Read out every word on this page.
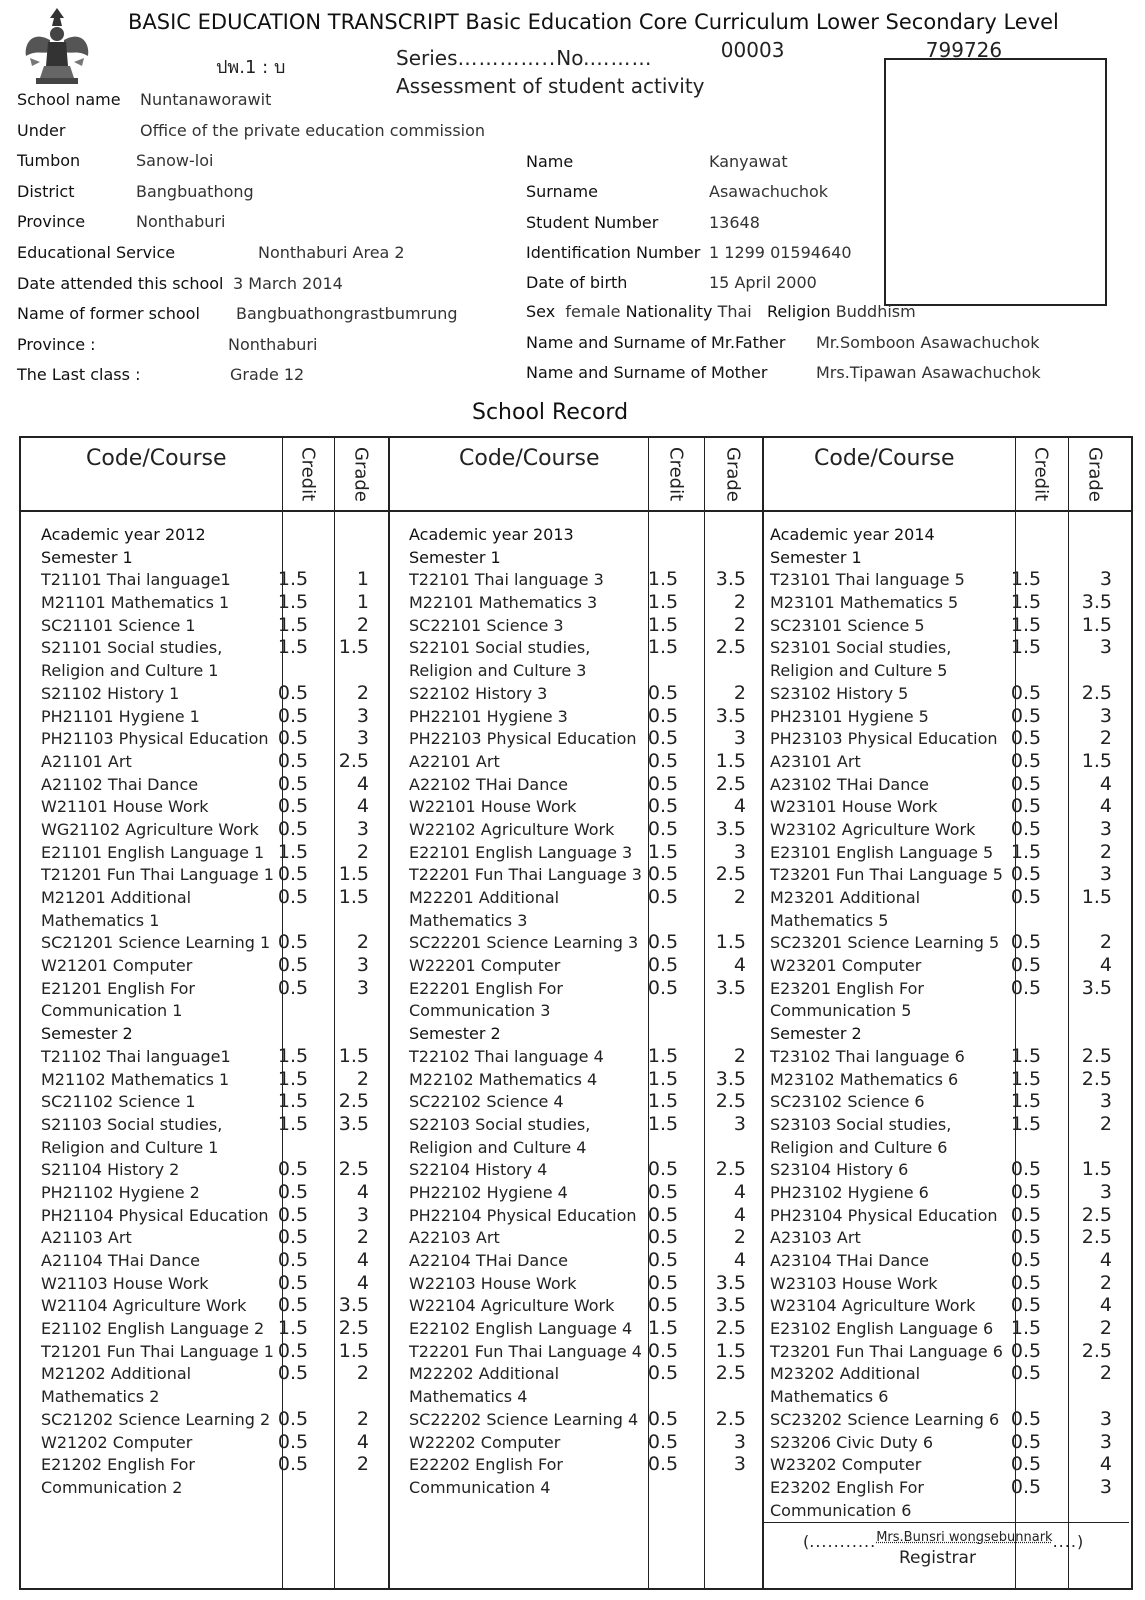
BASIC EDUCATION TRANSCRIPT Basic Education Core Curriculum Lower Secondary Level
ปพ.1 : บ	Series…………..No.………	00003	799726
Assessment of student activity
School name Nuntanaworawit
Under	Office of the private education commission
Tumbon	Sanow-loi
District	Bangbuathong
Province	Nonthaburi
Educational Service	Nonthaburi Area 2
Date attended this school 3 March 2014
Name of former school Bangbuathongrastbumrung
Province :	Nonthaburi
The Last class :	Grade 12
Name	Kanyawat
Surname	Asawachuchok
Student Number	13648
Identification Number 1 1299 01594640
Date of birth	15 April 2000
Sex female Nationality Thai Religion Buddhism
Name and Surname of Mr.Father Mr.Somboon Asawachuchok
Name and Surname of Mother	Mrs.Tipawan Asawachuchok
School Record
Code/Course	Credit Grade	Code/Course	Credit Grade	Code/Course	Credit Grade
Academic year 2012
Semester 1
T21101 Thai language1	1.5	1
M21101 Mathematics 1	1.5	1
SC21101 Science 1	1.5	2
S21101 Social studies,	1.5	1.5
Religion and Culture 1
S21102 History 1	0.5	2
PH21101 Hygiene 1	0.5	3
PH21103 Physical Education 0.5	3
A21101 Art	0.5	2.5
A21102 Thai Dance	0.5	4
W21101 House Work	0.5	4
WG21102 Agriculture Work	0.5	3
E21101 English Language 1 1.5	2
T21201 Fun Thai Language 1 0.5	1.5
M21201 Additional	0.5	1.5
Mathematics 1
SC21201 Science Learning 1 0.5	2
W21201 Computer	0.5	3
E21201 English For	0.5	3
Communication 1
Semester 2
T21102 Thai language1	1.5	1.5
M21102 Mathematics 1	1.5	2
SC21102 Science 1	1.5	2.5
S21103 Social studies,	1.5	3.5
Religion and Culture 1
S21104 History 2	0.5	2.5
PH21102 Hygiene 2	0.5	4
PH21104 Physical Education 0.5	3
A21103 Art	0.5	2
A21104 THai Dance	0.5	4
W21103 House Work	0.5	4
W21104 Agriculture Work	0.5	3.5
E21102 English Language 2 1.5	2.5
T21201 Fun Thai Language 1 0.5	1.5
M21202 Additional	0.5	2
Mathematics 2
SC21202 Science Learning 2 0.5	2
W21202 Computer	0.5	4
E21202 English For	0.5	2
Communication 2
Academic year 2013
Semester 1
T22101 Thai language 3	1.5	3.5
M22101 Mathematics 3	1.5	2
SC22101 Science 3	1.5	2
S22101 Social studies,	1.5	2.5
Religion and Culture 3
S22102 History 3	0.5	2
PH22101 Hygiene 3	0.5	3.5
PH22103 Physical Education 0.5	3
A22101 Art	0.5	1.5
A22102 THai Dance	0.5	2.5
W22101 House Work	0.5	4
W22102 Agriculture Work	0.5	3.5
E22101 English Language 3 1.5	3
T22201 Fun Thai Language 3 0.5	2.5
M22201 Additional	0.5	2
Mathematics 3
SC22201 Science Learning 3 0.5	1.5
W22201 Computer	0.5	4
E22201 English For	0.5	3.5
Communication 3
Semester 2
T22102 Thai language 4	1.5	2
M22102 Mathematics 4	1.5	3.5
SC22102 Science 4	1.5	2.5
S22103 Social studies,	1.5	3
Religion and Culture 4
S22104 History 4	0.5	2.5
PH22102 Hygiene 4	0.5	4
PH22104 Physical Education 0.5	4
A22103 Art	0.5	2
A22104 THai Dance	0.5	4
W22103 House Work	0.5	3.5
W22104 Agriculture Work	0.5	3.5
E22102 English Language 4 1.5	2.5
T22201 Fun Thai Language 4 0.5	1.5
M22202 Additional	0.5	2.5
Mathematics 4
SC22202 Science Learning 4 0.5	2.5
W22202 Computer	0.5	3
E22202 English For	0.5	3
Communication 4
Academic year 2014
Semester 1
T23101 Thai language 5	1.5	3
M23101 Mathematics 5	1.5	3.5
SC23101 Science 5	1.5	1.5
S23101 Social studies,	1.5	3
Religion and Culture 5
S23102 History 5	0.5	2.5
PH23101 Hygiene 5	0.5	3
PH23103 Physical Education 0.5	2
A23101 Art	0.5	1.5
A23102 THai Dance	0.5	4
W23101 House Work	0.5	4
W23102 Agriculture Work	0.5	3
E23101 English Language 5 1.5	2
T23201 Fun Thai Language 5 0.5	3
M23201 Additional	0.5	1.5
Mathematics 5
SC23201 Science Learning 5 0.5	2
W23201 Computer	0.5	4
E23201 English For	0.5	3.5
Communication 5
Semester 2
T23102 Thai language 6	1.5	2.5
M23102 Mathematics 6	1.5	2.5
SC23102 Science 6	1.5	3
S23103 Social studies,	1.5	2
Religion and Culture 6
S23104 History 6	0.5	1.5
PH23102 Hygiene 6	0.5	3
PH23104 Physical Education 0.5	2.5
A23103 Art	0.5	2.5
A23104 THai Dance	0.5	4
W23103 House Work	0.5	2
W23104 Agriculture Work	0.5	4
E23102 English Language 6 1.5	2
T23201 Fun Thai Language 6 0.5	2.5
M23202 Additional	0.5	2
Mathematics 6
SC23202 Science Learning 6 0.5	3
S23206 Civic Duty 6	0.5	3
W23202 Computer	0.5	4
E23202 English For	0.5	3
Communication 6
(...........$^{Mrs.Bunsri wongsebunnark}$....)
Registrar
